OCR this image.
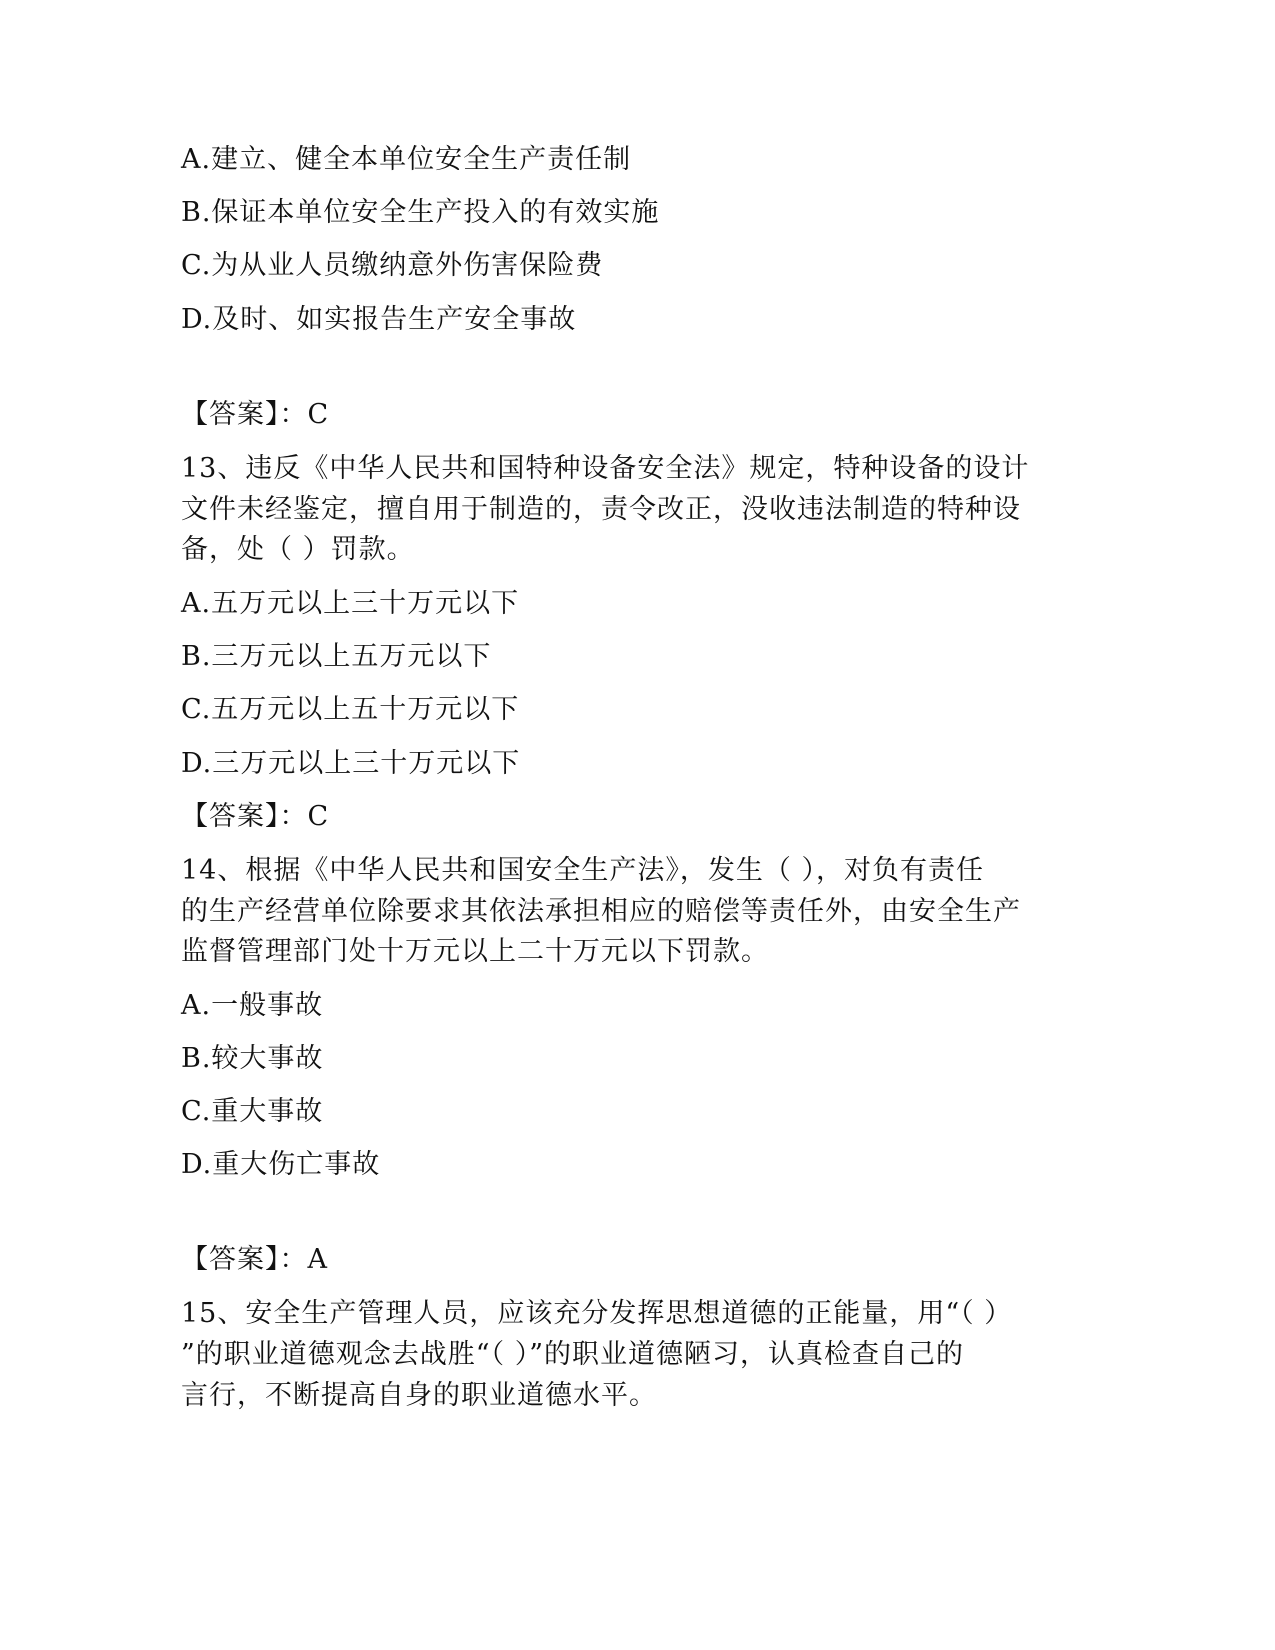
A.建立、健全本单位安全生产责任制
B.保证本单位安全生产投入的有效实施
C.为从业人员缴纳意外伤害保险费
D.及时、如实报告生产安全事故
【答案】：C
13、违反《中华人民共和国特种设备安全法》规定，特种设备的设计
文件未经鉴定，擅自用于制造的，责令改正，没收违法制造的特种设
备，处（ ）罚款。
A.五万元以上三十万元以下
B.三万元以上五万元以下
C.五万元以上五十万元以下
D.三万元以上三十万元以下
【答案】：C
14、根据《中华人民共和国安全生产法》，发生（ ），对负有责任
的生产经营单位除要求其依法承担相应的赔偿等责任外，由安全生产
监督管理部门处十万元以上二十万元以下罚款。
A.一般事故
B.较大事故
C.重大事故
D.重大伤亡事故
【答案】：A
15、安全生产管理人员，应该充分发挥思想道德的正能量，用“（ ）
”的职业道德观念去战胜“（ ）”的职业道德陋习，认真检查自己的
言行，不断提高自身的职业道德水平。
